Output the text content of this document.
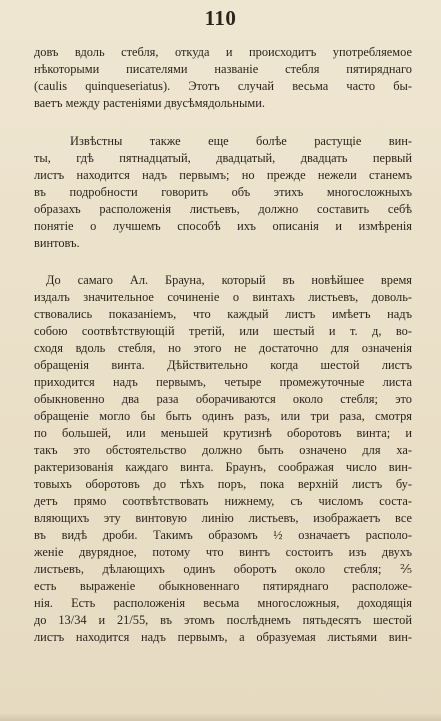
110
довъ вдоль стебля, откуда и происходитъ употребляемое
нѣкоторыми писателями названіе стебля пятиряднаго
(caulis quinqueseriatus). Этотъ случай весьма часто бы-
ваетъ между растеніями двусѣмядольными.
Извѣстны также еще болѣе растущіе вин-
ты, гдѣ пятнадцатый, двадцатый, двадцать первый
листъ находится надъ первымъ; но прежде нежели станемъ
въ подробности говорить объ этихъ многосложныхъ
образахъ расположенія листьевъ, должно составить себѣ
понятіе о лучшемъ способѣ ихъ описанія и измѣренія
винтовъ.
До самаго Ал. Брауна, который въ новѣйшее время
издалъ значительное сочиненіе о винтахъ листьевъ, доволь-
ствовались показаніемъ, что каждый листъ имѣетъ надъ
собою соотвѣтствующій третій, или шестый и т. д, во-
сходя вдоль стебля, но этого не достаточно для означенія
обращенія винта. Дѣйствительно когда шестой листъ
приходится надъ первымъ, четыре промежуточные листа
обыкновенно два раза оборачиваются около стебля; это
обращеніе могло бы быть одинъ разъ, или три раза, смотря
по большей, или меньшей крутизнѣ оборотовъ винта; и
такъ это обстоятельство должно быть означено для ха-
рактеризованія каждаго винта. Браунъ, соображая число вин-
товыхъ оборотовъ до тѣхъ поръ, пока верхній листъ бу-
детъ прямо соотвѣтствовать нижнему, съ числомъ соста-
вляющихъ эту винтовую линію листьевъ, изображаетъ все
въ видѣ дроби. Такимъ образомъ ½ означаетъ располо-
женіе двурядное, потому что винтъ состоитъ изъ двухъ
листьевъ, дѣлающихъ одинъ оборотъ около стебля; ⅖
есть выраженіе обыкновеннаго пятиряднаго расположе-
нія. Есть расположенія весьма многосложныя, доходящія
до 13/34 и 21/55, въ этомъ послѣднемъ пятьдесятъ шестой
листъ находится надъ первымъ, а образуемая листьями вин-
